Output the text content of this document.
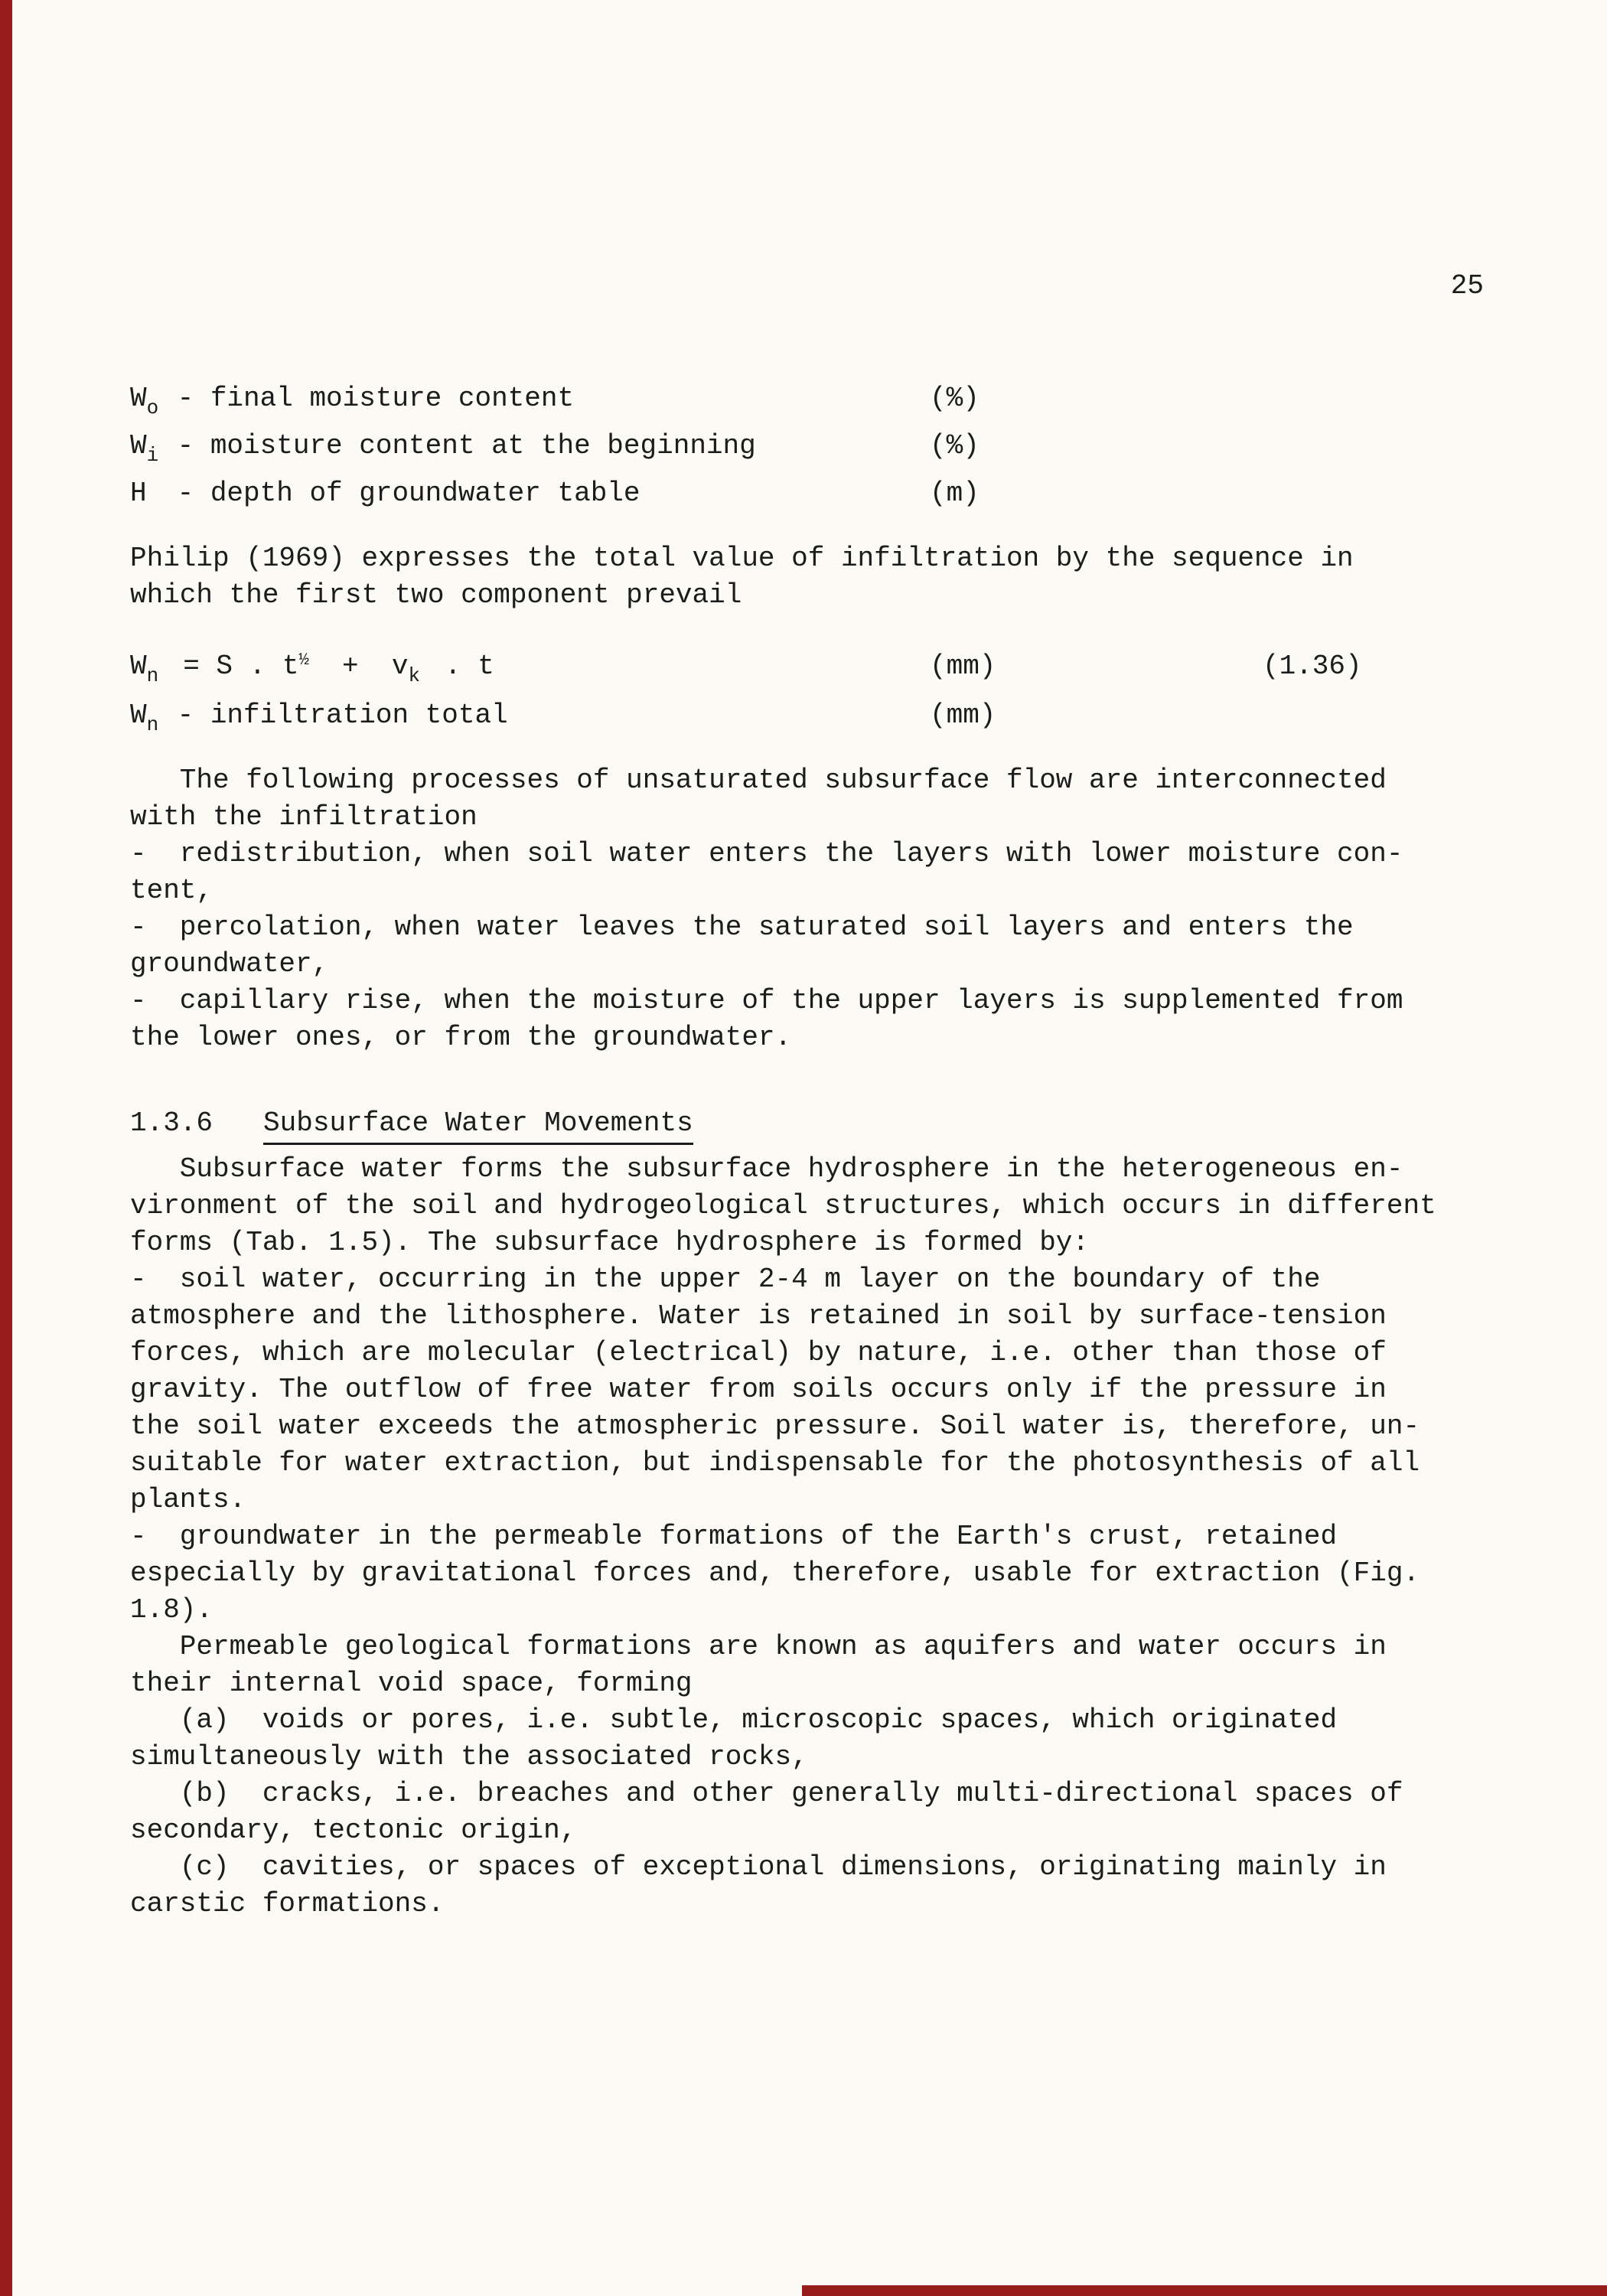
25
Wo - final moisture content	(%)
Wi - moisture content at the beginning	(%)
H - depth of groundwater table	(m)
Philip (1969) expresses the total value of infiltration by the sequence in
which the first two component prevail
Wn = S . $t^{\frac{1}{2}}$  +  vk . t	(mm)	(1.36)
Wn - infiltration total	(mm)
The following processes of unsaturated subsurface flow are interconnected
with the infiltration
-  redistribution, when soil water enters the layers with lower moisture con-
tent,
-  percolation, when water leaves the saturated soil layers and enters the
groundwater,
-  capillary rise, when the moisture of the upper layers is supplemented from
the lower ones, or from the groundwater.
1.3.6 Subsurface Water Movements
Subsurface water forms the subsurface hydrosphere in the heterogeneous en-
vironment of the soil and hydrogeological structures, which occurs in different
forms (Tab. 1.5). The subsurface hydrosphere is formed by:
-  soil water, occurring in the upper 2-4 m layer on the boundary of the
atmosphere and the lithosphere. Water is retained in soil by surface-tension
forces, which are molecular (electrical) by nature, i.e. other than those of
gravity. The outflow of free water from soils occurs only if the pressure in
the soil water exceeds the atmospheric pressure. Soil water is, therefore, un-
suitable for water extraction, but indispensable for the photosynthesis of all
plants.
-  groundwater in the permeable formations of the Earth's crust, retained
especially by gravitational forces and, therefore, usable for extraction (Fig.
1.8).
Permeable geological formations are known as aquifers and water occurs in
their internal void space, forming
(a)  voids or pores, i.e. subtle, microscopic spaces, which originated
simultaneously with the associated rocks,
(b)  cracks, i.e. breaches and other generally multi-directional spaces of
secondary, tectonic origin,
(c)  cavities, or spaces of exceptional dimensions, originating mainly in
carstic formations.
